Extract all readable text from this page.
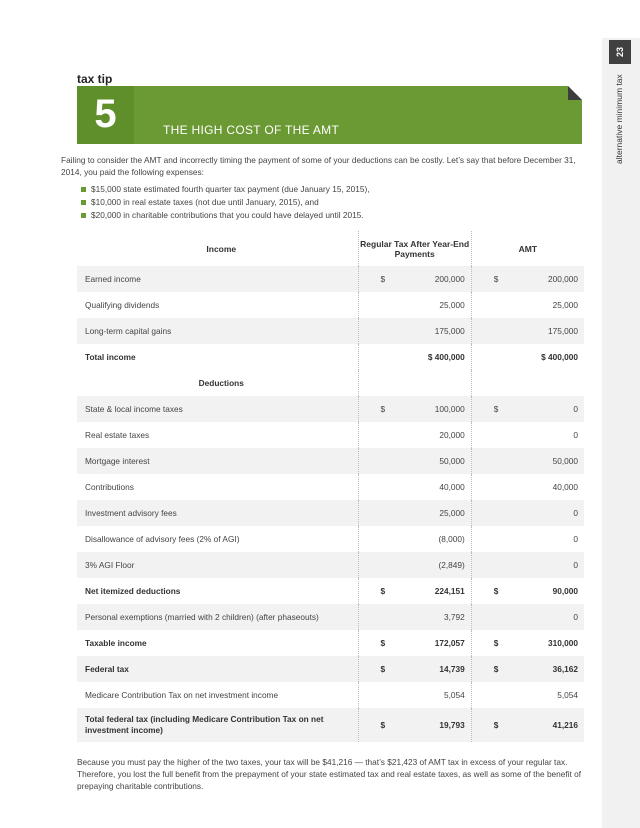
23
alternative minimum tax
tax tip
5	THE HIGH COST OF THE AMT
Failing to consider the AMT and incorrectly timing the payment of some of your deductions can be costly. Let’s say that before December 31, 2014, you paid the following expenses:
$15,000 state estimated fourth quarter tax payment (due January 15, 2015),
$10,000 in real estate taxes (not due until January, 2015), and
$20,000 in charitable contributions that you could have delayed until 2015.
Income	Regular Tax After Year-End Payments	AMT
Earned income	$ 200,000	$ 200,000

Qualifying dividends	25,000	25,000

Long-term capital gains	175,000	175,000

Total income	$ 400,000	$ 400,000

Deductions		
State & local income taxes	$ 100,000	$ 0

Real estate taxes	20,000	0

Mortgage interest	50,000	50,000

Contributions	40,000	40,000

Investment advisory fees	25,000	0

Disallowance of advisory fees (2% of AGI)	(8,000)	0

3% AGI Floor	(2,849)	0

Net itemized deductions	$ 224,151	$ 90,000

Personal exemptions (married with 2 children) (after phaseouts)	3,792	0

Taxable income	$ 172,057	$ 310,000

Federal tax	$ 14,739	$ 36,162

Medicare Contribution Tax on net investment income	5,054	5,054

Total federal tax (including Medicare Contribution Tax on net investment income)	$ 19,793	$ 41,216
Because you must pay the higher of the two taxes, your tax will be $41,216 — that’s $21,423 of AMT tax in excess of your regular tax. Therefore, you lost the full benefit from the prepayment of your state estimated tax and real estate taxes, as well as some of the benefit of prepaying charitable contributions.
